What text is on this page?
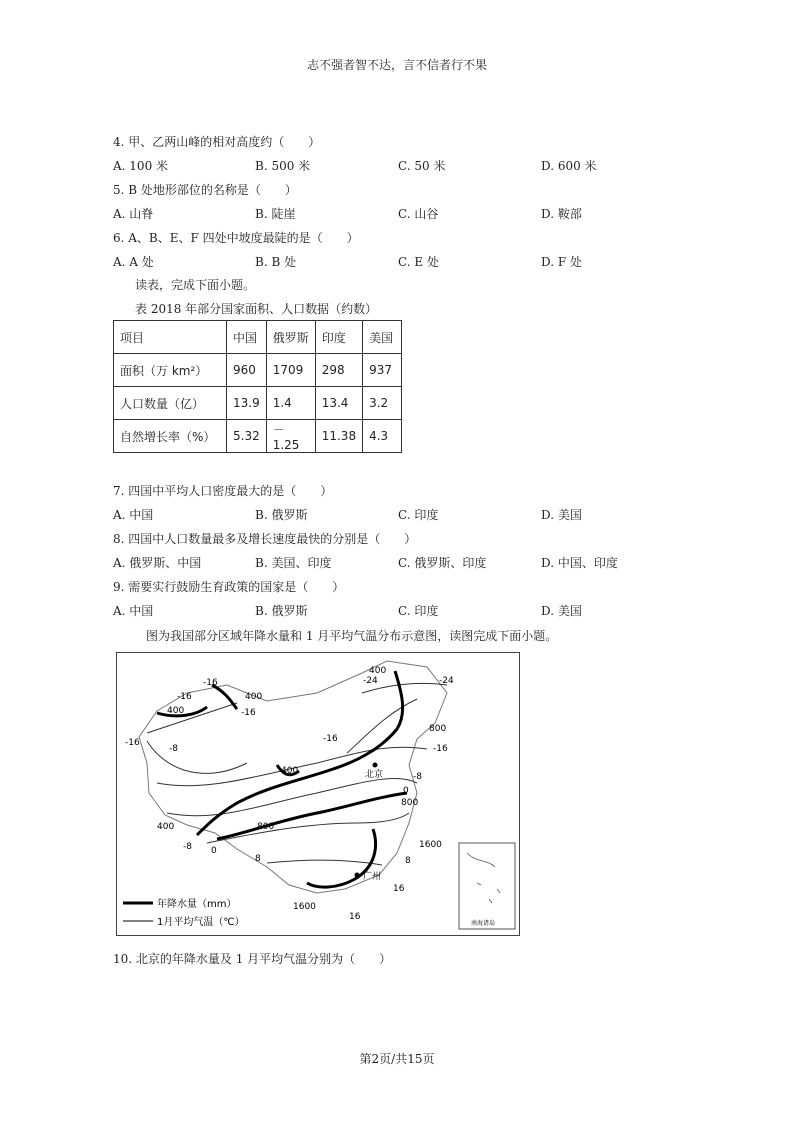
志不强者智不达，言不信者行不果
4. 甲、乙两山峰的相对高度约（　　）
A. 100 米	B. 500 米	C. 50 米	D. 600 米
5. B 处地形部位的名称是（　　）
A. 山脊	B. 陡崖	C. 山谷	D. 鞍部
6. A、B、E、F 四处中坡度最陡的是（　　）
A. A 处	B. B 处	C. E 处	D. F 处
读表，完成下面小题。
表 2018 年部分国家面积、人口数据（约数）
项目	中国	俄罗斯	印度	美国
面积（万 km²）	960	1709	298	937
人口数量（亿）	13.9	1.4	13.4	3.2
自然增长率（%）	5.32	－1.25	11.38	4.3
7. 四国中平均人口密度最大的是（　　）
A. 中国	B. 俄罗斯	C. 印度	D. 美国
8. 四国中人口数量最多及增长速度最快的分别是（　　）
A. 俄罗斯、中国	B. 美国、印度	C. 俄罗斯、印度	D. 中国、印度
9. 需要实行鼓励生育政策的国家是（　　）
A. 中国	B. 俄罗斯	C. 印度	D. 美国
图为我国部分区域年降水量和 1 月平均气温分布示意图，读图完成下面小题。
400
-24	-24
-16
400
-16
400	-16
-16
-8
-16
800
-16
400	北京	-8
0
800
400	800
-8 0
8
1600
8
16
广州
1600
16
年降水量（mm）
1月平均气温（℃）	南海诸岛
10. 北京的年降水量及 1 月平均气温分别为（　　）
第2页/共15页
